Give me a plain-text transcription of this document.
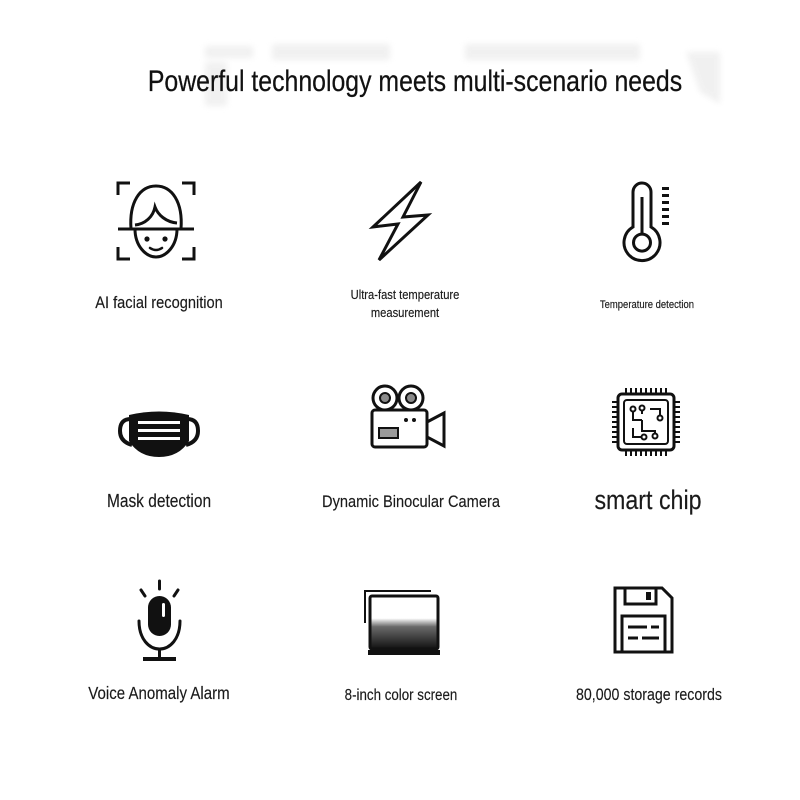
Powerful technology meets multi-scenario needs
AI facial recognition	Ultra-fast temperature
measurement	Temperature detection
Mask detection	Dynamic Binocular Camera	smart chip
Voice Anomaly Alarm	8-inch color screen	80,000 storage records
